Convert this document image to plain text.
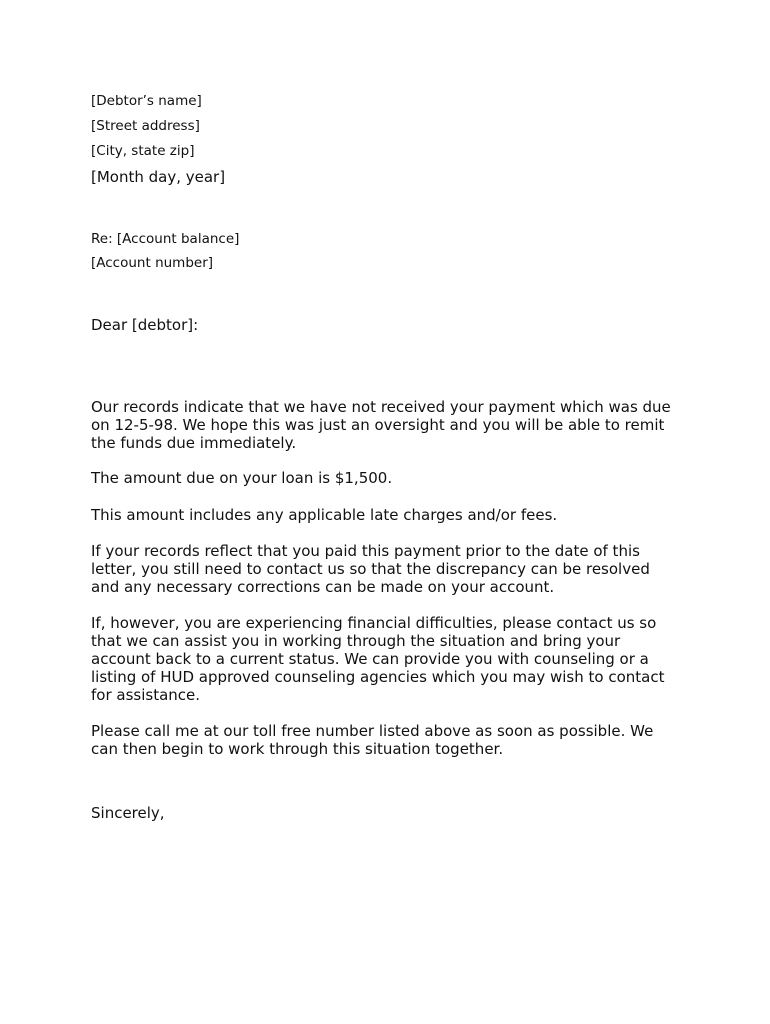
[Debtor’s name]

[Street address]

[City, state zip]

[Month day, year]

Re: [Account balance]

[Account number]

Dear [debtor]:

Our records indicate that we have not received your payment which was due
on 12-5-98. We hope this was just an oversight and you will be able to remit
the funds due immediately.
The amount due on your loan is $1,500.
This amount includes any applicable late charges and/or fees.
If your records reflect that you paid this payment prior to the date of this
letter, you still need to contact us so that the discrepancy can be resolved
and any necessary corrections can be made on your account.
If, however, you are experiencing financial difficulties, please contact us so
that we can assist you in working through the situation and bring your
account back to a current status. We can provide you with counseling or a
listing of HUD approved counseling agencies which you may wish to contact
for assistance.
Please call me at our toll free number listed above as soon as possible. We
can then begin to work through this situation together.

Sincerely,
